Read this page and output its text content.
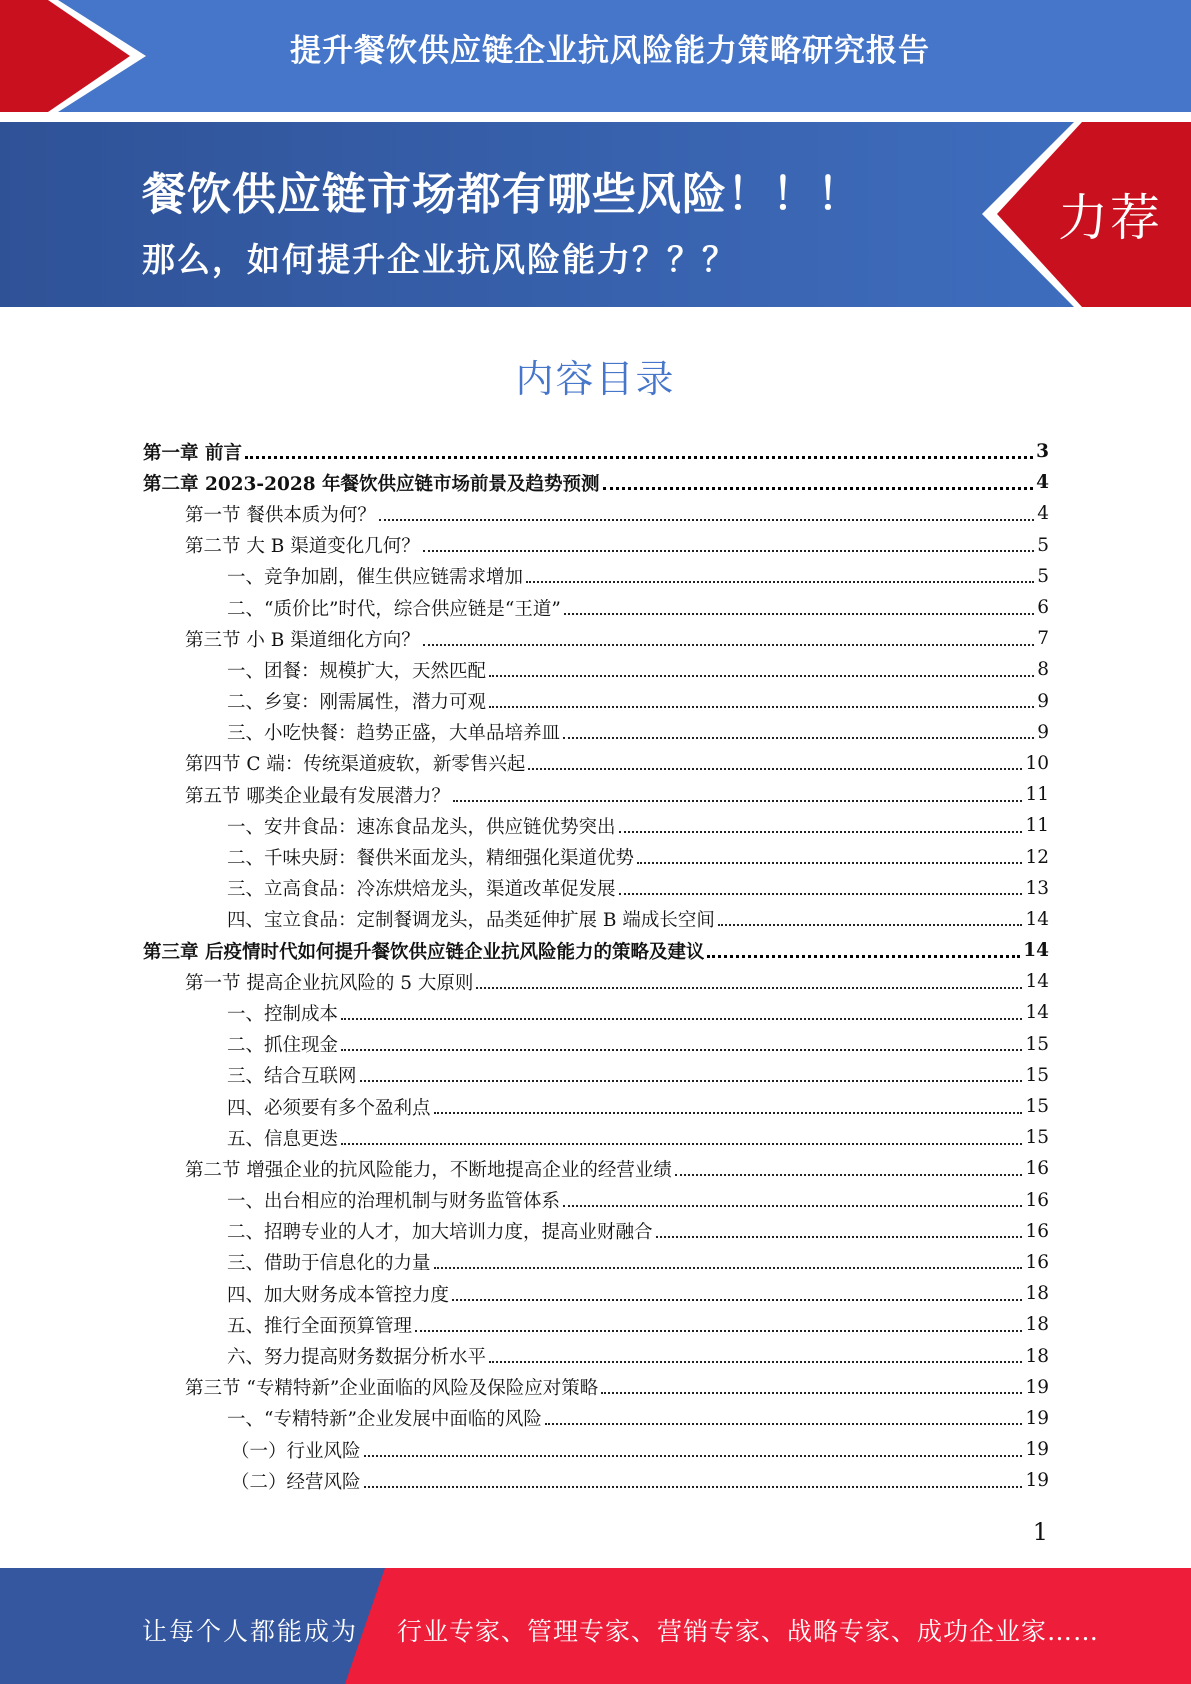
提升餐饮供应链企业抗风险能力策略研究报告
餐饮供应链市场都有哪些风险！！！
那么，如何提升企业抗风险能力？？？
力荐
内容目录
第一章 前言	3
第二章 2023-2028 年餐饮供应链市场前景及趋势预测	4
第一节 餐供本质为何？	4
第二节 大 B 渠道变化几何？	5
一、竞争加剧，催生供应链需求增加	5
二、“质价比”时代，综合供应链是“王道”	6
第三节 小 B 渠道细化方向？	7
一、团餐：规模扩大，天然匹配	8
二、乡宴：刚需属性，潜力可观	9
三、小吃快餐：趋势正盛，大单品培养皿	9
第四节 C 端：传统渠道疲软，新零售兴起	10
第五节 哪类企业最有发展潜力？	11
一、安井食品：速冻食品龙头，供应链优势突出	11
二、千味央厨：餐供米面龙头，精细强化渠道优势	12
三、立高食品：冷冻烘焙龙头，渠道改革促发展	13
四、宝立食品：定制餐调龙头，品类延伸扩展 B 端成长空间	14
第三章 后疫情时代如何提升餐饮供应链企业抗风险能力的策略及建议	14
第一节 提高企业抗风险的 5 大原则	14
一、控制成本	14
二、抓住现金	15
三、结合互联网	15
四、必须要有多个盈利点	15
五、信息更迭	15
第二节 增强企业的抗风险能力，不断地提高企业的经营业绩	16
一、出台相应的治理机制与财务监管体系	16
二、招聘专业的人才，加大培训力度，提高业财融合	16
三、借助于信息化的力量	16
四、加大财务成本管控力度	18
五、推行全面预算管理	18
六、努力提高财务数据分析水平	18
第三节 “专精特新”企业面临的风险及保险应对策略	19
一、“专精特新”企业发展中面临的风险	19
（一）行业风险	19
（二）经营风险	19
1
让每个人都能成为 行业专家、管理专家、营销专家、战略专家、成功企业家……
